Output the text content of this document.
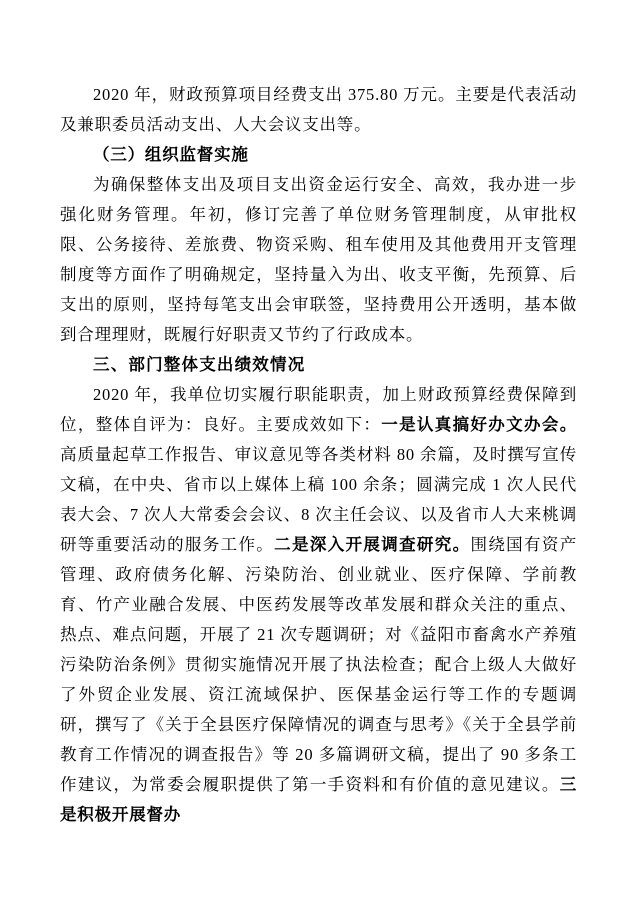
2020 年，财政预算项目经费支出 375.80 万元。主要是代表活动及兼职委员活动支出、人大会议支出等。

（三）组织监督实施

为确保整体支出及项目支出资金运行安全、高效，我办进一步强化财务管理。年初，修订完善了单位财务管理制度，从审批权限、公务接待、差旅费、物资采购、租车使用及其他费用开支管理制度等方面作了明确规定，坚持量入为出、收支平衡，先预算、后支出的原则，坚持每笔支出会审联签，坚持费用公开透明，基本做到合理理财，既履行好职责又节约了行政成本。

三、部门整体支出绩效情况

2020 年，我单位切实履行职能职责，加上财政预算经费保障到位，整体自评为：良好。主要成效如下：一是认真搞好办文办会。高质量起草工作报告、审议意见等各类材料 80 余篇，及时撰写宣传文稿，在中央、省市以上媒体上稿 100 余条；圆满完成 1 次人民代表大会、7 次人大常委会会议、8 次主任会议、以及省市人大来桃调研等重要活动的服务工作。二是深入开展调查研究。围绕国有资产管理、政府债务化解、污染防治、创业就业、医疗保障、学前教育、竹产业融合发展、中医药发展等改革发展和群众关注的重点、热点、难点问题，开展了 21 次专题调研；对《益阳市畜禽水产养殖污染防治条例》贯彻实施情况开展了执法检查；配合上级人大做好了外贸企业发展、资江流域保护、医保基金运行等工作的专题调研，撰写了《关于全县医疗保障情况的调查与思考》《关于全县学前教育工作情况的调查报告》等 20 多篇调研文稿，提出了 90 多条工作建议，为常委会履职提供了第一手资料和有价值的意见建议。三是积极开展督办
